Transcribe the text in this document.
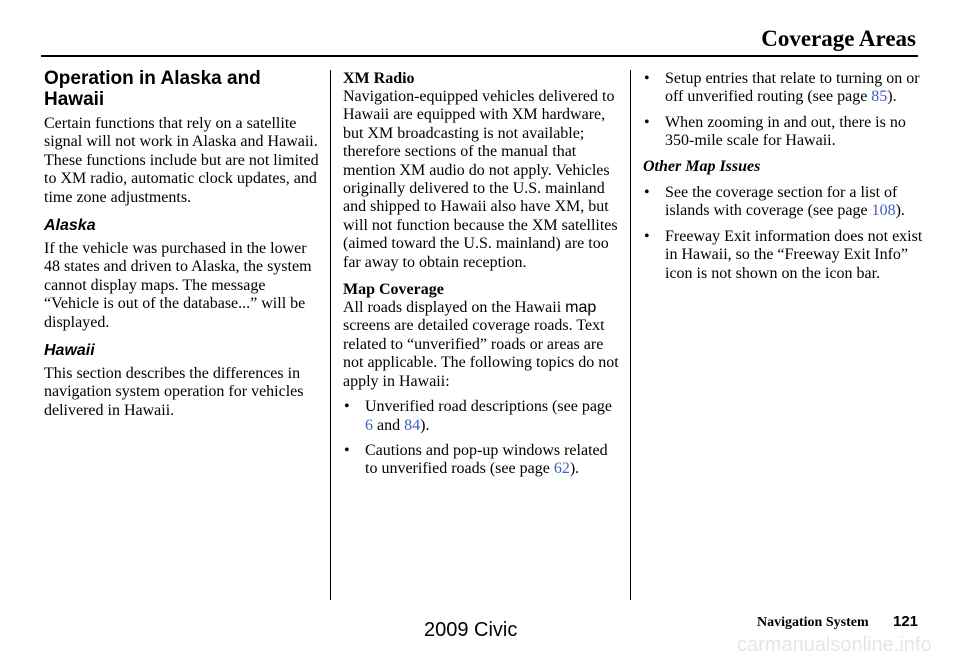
Coverage Areas
Operation in Alaska and Hawaii

Certain functions that rely on a satellite signal will not work in Alaska and Hawaii. These functions include but are not limited to XM radio, automatic clock updates, and time zone adjustments.

Alaska

If the vehicle was purchased in the lower 48 states and driven to Alaska, the system cannot display maps. The message “Vehicle is out of the database...” will be displayed.

Hawaii

This section describes the differences in navigation system operation for vehicles delivered in Hawaii.

XM Radio

Navigation-equipped vehicles delivered to Hawaii are equipped with XM hardware, but XM broadcasting is not available; therefore sections of the manual that mention XM audio do not apply. Vehicles originally delivered to the U.S. mainland and shipped to Hawaii also have XM, but will not function because the XM satellites (aimed toward the U.S. mainland) are too far away to obtain reception.

Map Coverage

All roads displayed on the Hawaii map screens are detailed coverage roads. Text related to “unverified” roads or areas are not applicable. The following topics do not apply in Hawaii:

• Unverified road descriptions (see page 6 and 84).
• Cautions and pop-up windows related to unverified roads (see page 62).
• Setup entries that relate to turning on or off unverified routing (see page 85).
• When zooming in and out, there is no 350-mile scale for Hawaii.

Other Map Issues

• See the coverage section for a list of islands with coverage (see page 108).
• Freeway Exit information does not exist in Hawaii, so the “Freeway Exit Info” icon is not shown on the icon bar.
Navigation System 121
2009 Civic
carmanualsonline.info
